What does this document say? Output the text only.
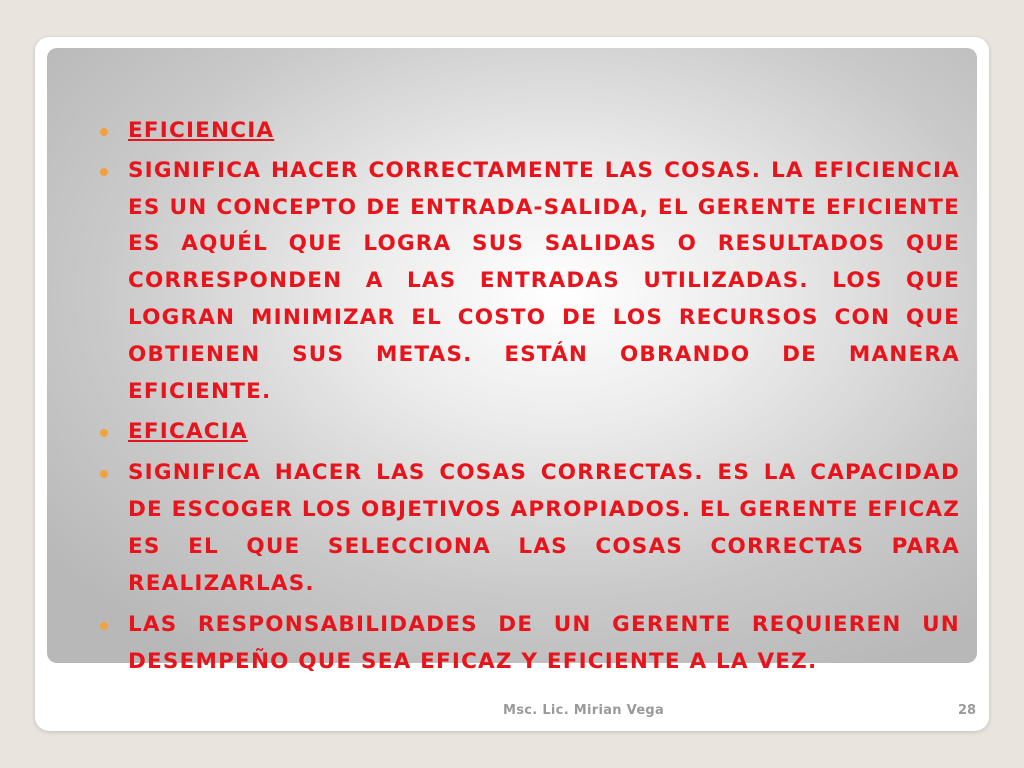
EFICIENCIA
SIGNIFICA HACER CORRECTAMENTE LAS COSAS. LA EFICIENCIA ES UN CONCEPTO DE ENTRADA-SALIDA, EL GERENTE EFICIENTE ES AQUÉL QUE LOGRA SUS SALIDAS O RESULTADOS QUE CORRESPONDEN A LAS ENTRADAS UTILIZADAS. LOS QUE LOGRAN MINIMIZAR EL COSTO DE LOS RECURSOS CON QUE OBTIENEN SUS METAS. ESTÁN OBRANDO DE MANERA EFICIENTE.
EFICACIA
SIGNIFICA HACER LAS COSAS CORRECTAS. ES LA CAPACIDAD DE ESCOGER LOS OBJETIVOS APROPIADOS. EL GERENTE EFICAZ ES EL QUE SELECCIONA LAS COSAS CORRECTAS PARA REALIZARLAS.
LAS RESPONSABILIDADES DE UN GERENTE REQUIEREN UN DESEMPEÑO QUE SEA EFICAZ Y EFICIENTE A LA VEZ.
Msc. Lic. Mirian Vega	28
